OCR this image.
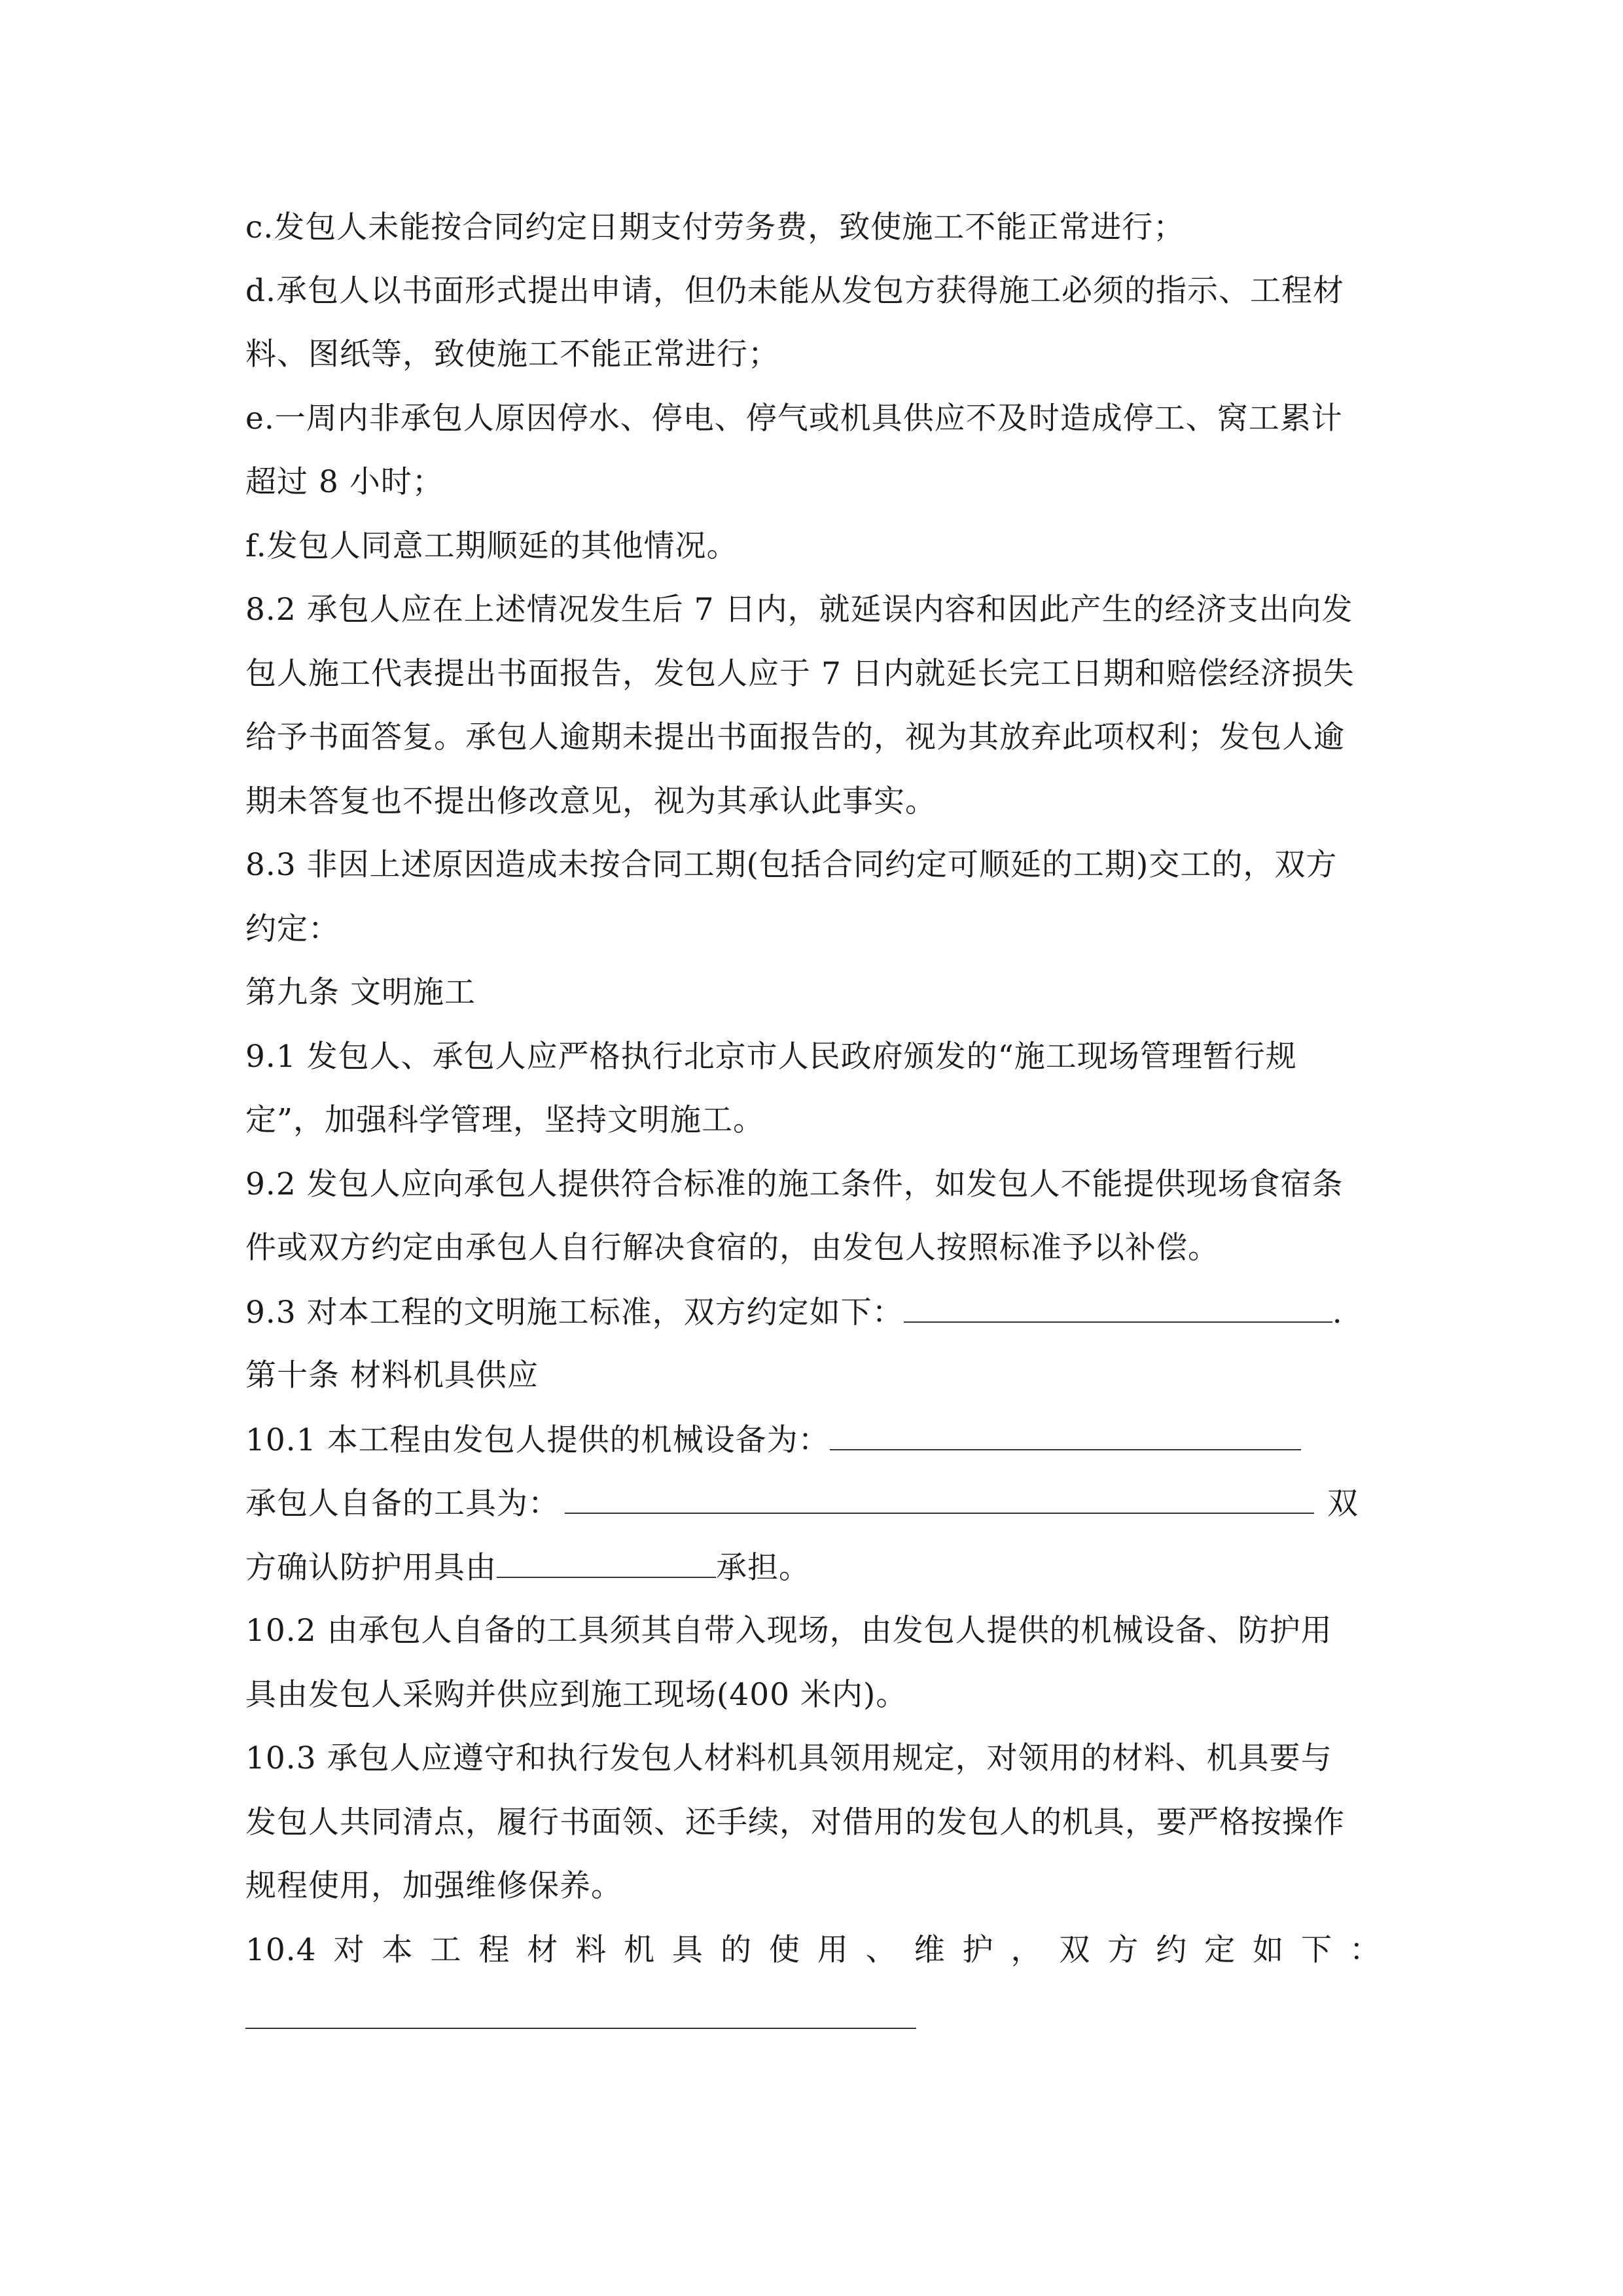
c.发包人未能按合同约定日期支付劳务费，致使施工不能正常进行；
d.承包人以书面形式提出申请，但仍未能从发包方获得施工必须的指示、工程材
料、图纸等，致使施工不能正常进行；
e.一周内非承包人原因停水、停电、停气或机具供应不及时造成停工、窝工累计
超过 8 小时；
f.发包人同意工期顺延的其他情况。
8.2 承包人应在上述情况发生后 7 日内，就延误内容和因此产生的经济支出向发
包人施工代表提出书面报告，发包人应于 7 日内就延长完工日期和赔偿经济损失
给予书面答复。承包人逾期未提出书面报告的，视为其放弃此项权利；发包人逾
期未答复也不提出修改意见，视为其承认此事实。
8.3 非因上述原因造成未按合同工期(包括合同约定可顺延的工期)交工的，双方
约定：
第九条 文明施工
9.1 发包人、承包人应严格执行北京市人民政府颁发的“施工现场管理暂行规
定”，加强科学管理，坚持文明施工。
9.2 发包人应向承包人提供符合标准的施工条件，如发包人不能提供现场食宿条
件或双方约定由承包人自行解决食宿的，由发包人按照标准予以补偿。
9.3 对本工程的文明施工标准，双方约定如下：	.
第十条 材料机具供应
10.1 本工程由发包人提供的机械设备为：
承包人自备的工具为：	双
方确认防护用具由	承担。
10.2 由承包人自备的工具须其自带入现场，由发包人提供的机械设备、防护用
具由发包人采购并供应到施工现场(400 米内)。
10.3 承包人应遵守和执行发包人材料机具领用规定，对领用的材料、机具要与
发包人共同清点，履行书面领、还手续，对借用的发包人的机具，要严格按操作
规程使用，加强维修保养。
10.4 对 本 工 程 材 料 机 具 的 使 用 、 维 护 ， 双 方 约 定 如 下 ：
